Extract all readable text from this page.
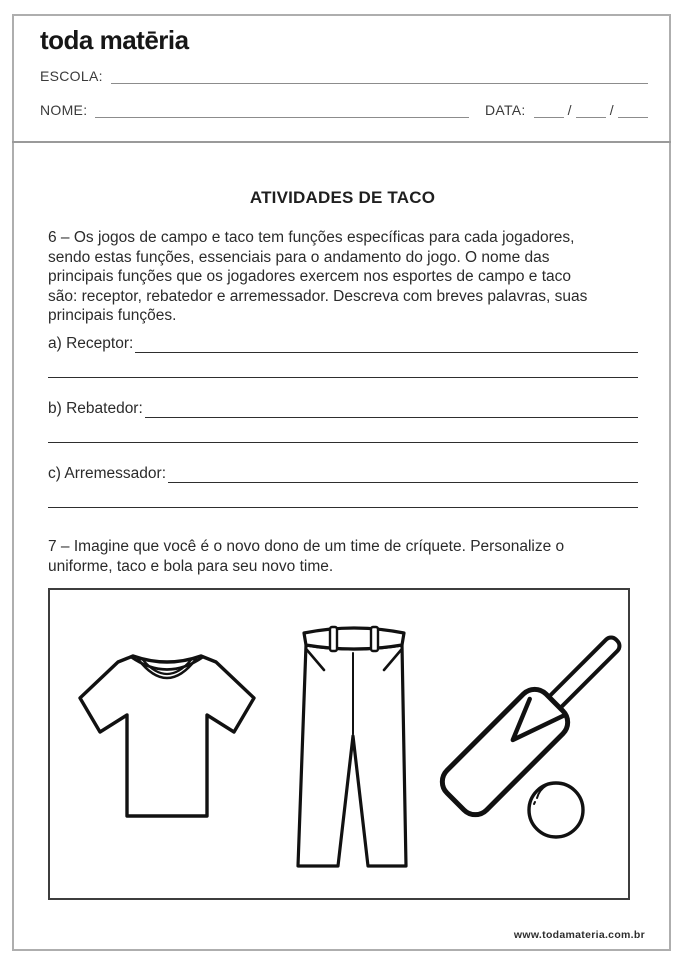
toda matēria
ESCOLA:
NOME:	DATA:	/	/
ATIVIDADES DE TACO
6 – Os jogos de campo e taco tem funções específicas para cada jogadores,
sendo estas funções, essenciais para o andamento do jogo. O nome das
principais funções que os jogadores exercem nos esportes de campo e taco
são: receptor, rebatedor e arremessador. Descreva com breves palavras, suas
principais funções.
a) Receptor:
b) Rebatedor:
c) Arremessador:
7 – Imagine que você é o novo dono de um time de críquete. Personalize o
uniforme, taco e bola para seu novo time.
www.todamateria.com.br
